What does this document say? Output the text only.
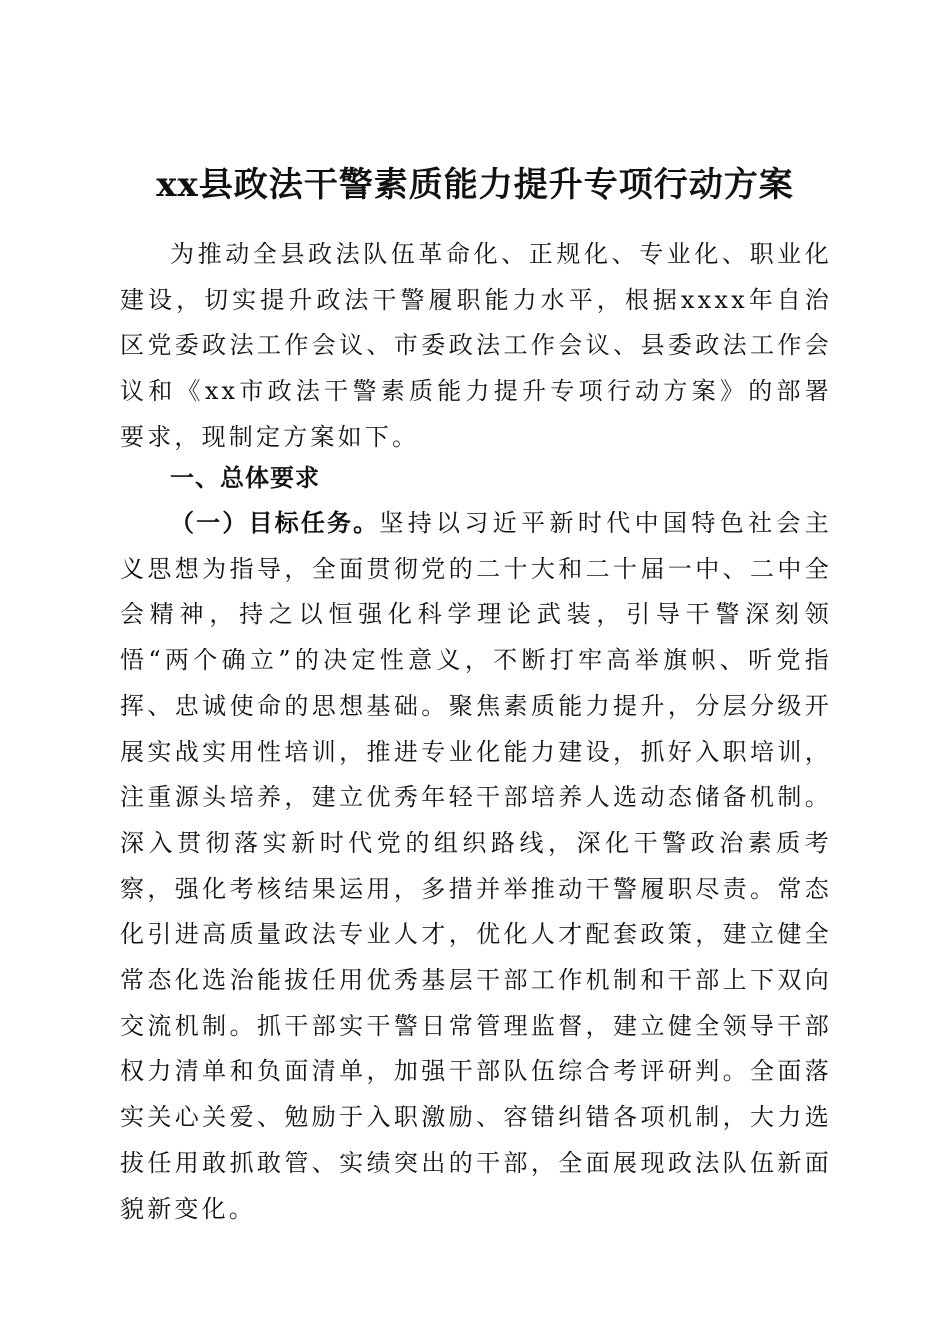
xx县政法干警素质能力提升专项行动方案

为推动全县政法队伍革命化、正规化、专业化、职业化建设，切实提升政法干警履职能力水平，根据xxxx年自治区党委政法工作会议、市委政法工作会议、县委政法工作会议和《xx市政法干警素质能力提升专项行动方案》的部署要求，现制定方案如下。

一、总体要求

（一）目标任务。坚持以习近平新时代中国特色社会主义思想为指导，全面贯彻党的二十大和二十届一中、二中全会精神，持之以恒强化科学理论武装，引导干警深刻领悟“两个确立”的决定性意义，不断打牢高举旗帜、听党指挥、忠诚使命的思想基础。聚焦素质能力提升，分层分级开展实战实用性培训，推进专业化能力建设，抓好入职培训，注重源头培养，建立优秀年轻干部培养人选动态储备机制。深入贯彻落实新时代党的组织路线，深化干警政治素质考察，强化考核结果运用，多措并举推动干警履职尽责。常态化引进高质量政法专业人才，优化人才配套政策，建立健全常态化选治能拔任用优秀基层干部工作机制和干部上下双向交流机制。抓干部实干警日常管理监督，建立健全领导干部权力清单和负面清单，加强干部队伍综合考评研判。全面落实关心关爱、勉励于入职激励、容错纠错各项机制，大力选拔任用敢抓敢管、实绩突出的干部，全面展现政法队伍新面貌新变化。
